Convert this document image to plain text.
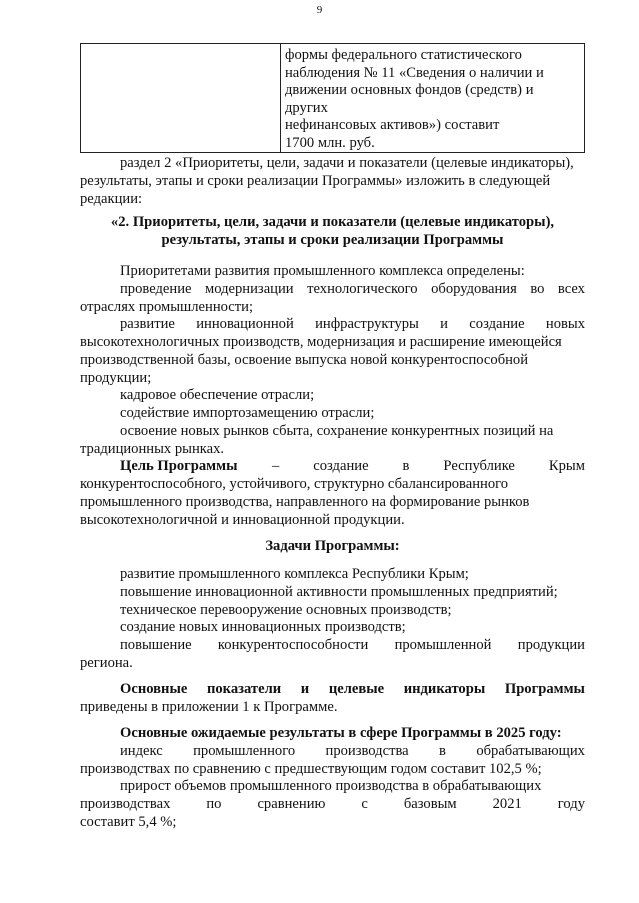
9

формы федерального статистического
наблюдения № 11 «Сведения о наличии и
движении основных фондов (средств) и других
нефинансовых активов») составит
1700 млн. руб.
раздел 2 «Приоритеты, цели, задачи и показатели (целевые индикаторы),
результаты, этапы и сроки реализации Программы» изложить в следующей
редакции:
«2. Приоритеты, цели, задачи и показатели (целевые индикаторы),
результаты, этапы и сроки реализации Программы
Приоритетами развития промышленного комплекса определены:
проведение модернизации технологического оборудования во всех
отраслях промышленности;
развитие инновационной инфраструктуры и создание новых
высокотехнологичных производств, модернизация и расширение имеющейся
производственной базы, освоение выпуска новой конкурентоспособной
продукции;
кадровое обеспечение отрасли;
содействие импортозамещению отрасли;
освоение новых рынков сбыта, сохранение конкурентных позиций на
традиционных рынках.
Цель Программы	– создание в Республике Крым
конкурентоспособного, устойчивого, структурно сбалансированного
промышленного производства, направленного на формирование рынков
высокотехнологичной и инновационной продукции.
Задачи Программы:
развитие промышленного комплекса Республики Крым;
повышение инновационной активности промышленных предприятий;
техническое перевооружение основных производств;
создание новых инновационных производств;
повышение конкурентоспособности промышленной продукции
региона.
Основные показатели и целевые индикаторы Программы
приведены в приложении 1 к Программе.
Основные ожидаемые результаты в сфере Программы в 2025 году:
индекс промышленного производства в обрабатывающих
производствах по сравнению с предшествующим годом составит 102,5 %;
прирост объемов промышленного производства в обрабатывающих
производствах по сравнению с базовым 2021 году
составит 5,4 %;
